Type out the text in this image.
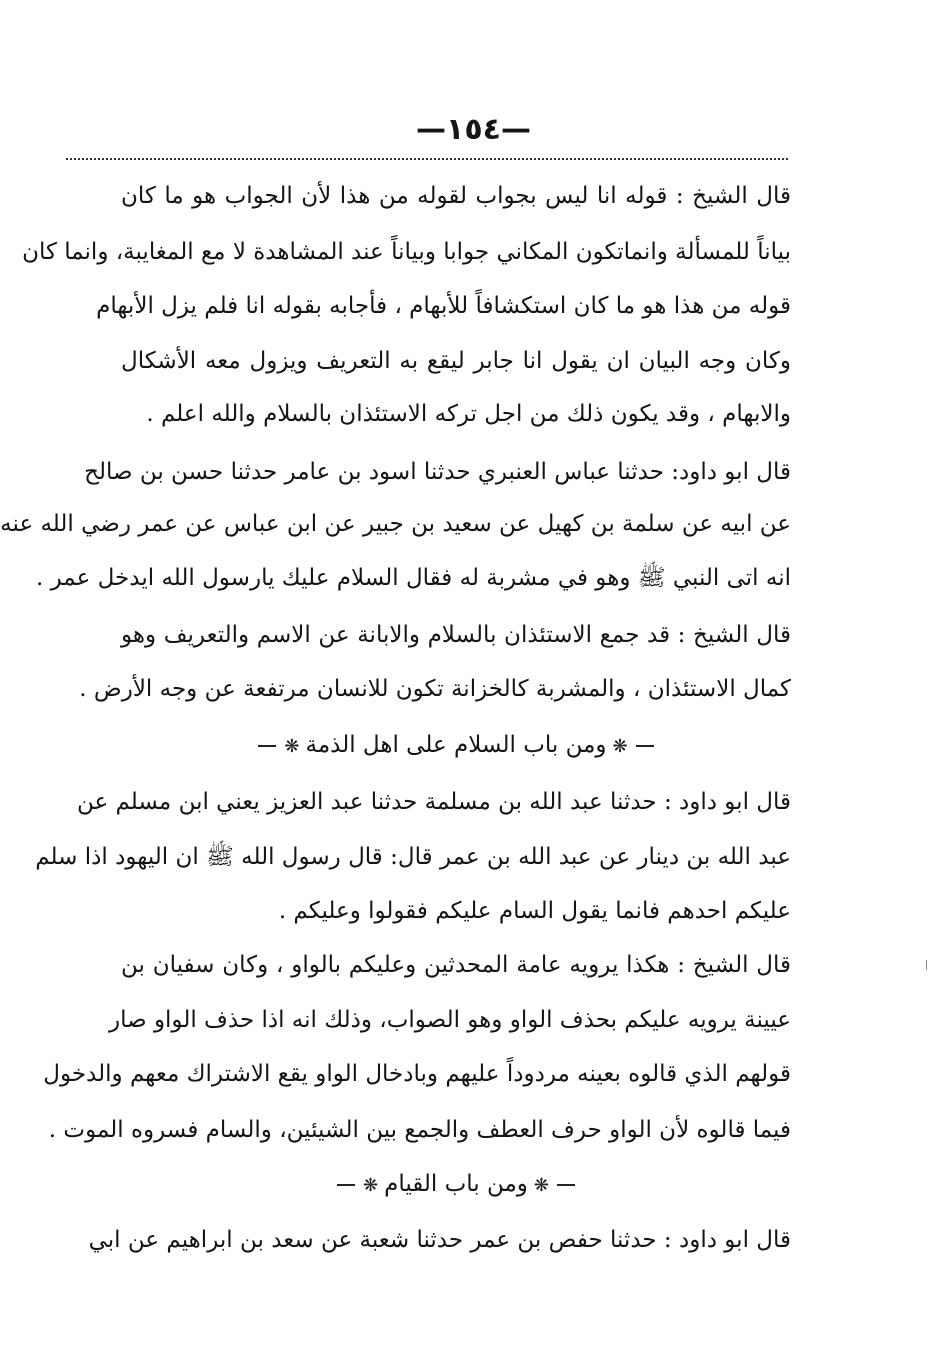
—١٥٤—
قال الشيخ : قوله انا ليس بجواب لقوله من هذا لأن الجواب هو ما كان
بياناً للمسألة وانماتكون المكاني جوابا وبياناً عند المشاهدة لا مع المغايبة، وانما كان
قوله من هذا هو ما كان استكشافاً للأبهام ، فأجابه بقوله انا فلم يزل الأبهام
وكان وجه البيان ان يقول انا جابر ليقع به التعريف ويزول معه الأشكال
والابهام ، وقد يكون ذلك من اجل تركه الاستئذان بالسلام والله اعلم .
قال ابو داود: حدثنا عباس العنبري حدثنا اسود بن عامر حدثنا حسن بن صالح
عن ابيه عن سلمة بن كهيل عن سعيد بن جبير عن ابن عباس عن عمر رضي الله عنه
انه اتى النبي ﷺ وهو في مشربة له فقال السلام عليك يارسول الله ايدخل عمر .
قال الشيخ : قد جمع الاستئذان بالسلام والابانة عن الاسم والتعريف وهو
كمال الاستئذان ، والمشربة كالخزانة تكون للانسان مرتفعة عن وجه الأرض .
❋ومن باب السلام على اهل الذمة❋
قال ابو داود : حدثنا عبد الله بن مسلمة حدثنا عبد العزيز يعني ابن مسلم عن
عبد الله بن دينار عن عبد الله بن عمر قال: قال رسول الله ﷺ ان اليهود اذا سلم
عليكم احدهم فانما يقول السام عليكم فقولوا وعليكم .
قال الشيخ : هكذا يرويه عامة المحدثين وعليكم بالواو ، وكان سفيان بن
عيينة يرويه عليكم بحذف الواو وهو الصواب، وذلك انه اذا حذف الواو صار
قولهم الذي قالوه بعينه مردوداً عليهم وبادخال الواو يقع الاشتراك معهم والدخول
فيما قالوه لأن الواو حرف العطف والجمع بين الشيئين، والسام فسروه الموت .
❋ومن باب القيام❋
قال ابو داود : حدثنا حفص بن عمر حدثنا شعبة عن سعد بن ابراهيم عن ابي
